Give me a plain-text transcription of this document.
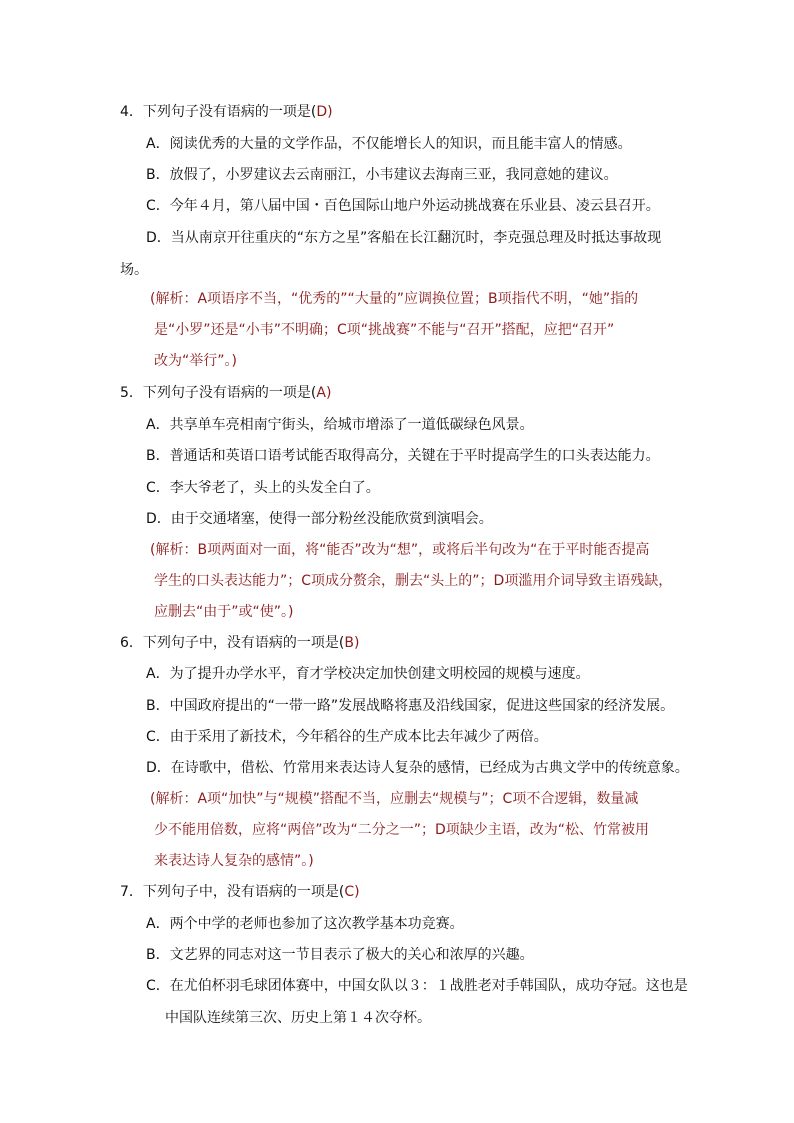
4．下列句子没有语病的一项是(D)
A．阅读优秀的大量的文学作品，不仅能增长人的知识，而且能丰富人的情感。
B．放假了，小罗建议去云南丽江，小韦建议去海南三亚，我同意她的建议。
C．今年４月，第八届中国・百色国际山地户外运动挑战赛在乐业县、凌云县召开。
D．当从南京开往重庆的“东方之星”客船在长江翻沉时，李克强总理及时抵达事故现
场。
(解析：A项语序不当，“优秀的”“大量的”应调换位置；B项指代不明，“她”指的
是“小罗”还是“小韦”不明确；C项“挑战赛”不能与“召开”搭配，应把“召开”
改为“举行”。)
5．下列句子没有语病的一项是(A)
A．共享单车亮相南宁街头，给城市增添了一道低碳绿色风景。
B．普通话和英语口语考试能否取得高分，关键在于平时提高学生的口头表达能力。
C．李大爷老了，头上的头发全白了。
D．由于交通堵塞，使得一部分粉丝没能欣赏到演唱会。
(解析：B项两面对一面，将“能否”改为“想”，或将后半句改为“在于平时能否提高
学生的口头表达能力”；C项成分赘余，删去“头上的”；D项滥用介词导致主语残缺，
应删去“由于”或“使”。)
6．下列句子中，没有语病的一项是(B)
A．为了提升办学水平，育才学校决定加快创建文明校园的规模与速度。
B．中国政府提出的“一带一路”发展战略将惠及沿线国家，促进这些国家的经济发展。
C．由于采用了新技术，今年稻谷的生产成本比去年减少了两倍。
D．在诗歌中，借松、竹常用来表达诗人复杂的感情，已经成为古典文学中的传统意象。
(解析：A项“加快”与“规模”搭配不当，应删去“规模与”；C项不合逻辑，数量减
少不能用倍数，应将“两倍”改为“二分之一”；D项缺少主语，改为“松、竹常被用
来表达诗人复杂的感情”。)
7．下列句子中，没有语病的一项是(C)
A．两个中学的老师也参加了这次教学基本功竞赛。
B．文艺界的同志对这一节目表示了极大的关心和浓厚的兴趣。
C．在尤伯杯羽毛球团体赛中，中国女队以３：１战胜老对手韩国队，成功夺冠。这也是
中国队连续第三次、历史上第１４次夺杯。
